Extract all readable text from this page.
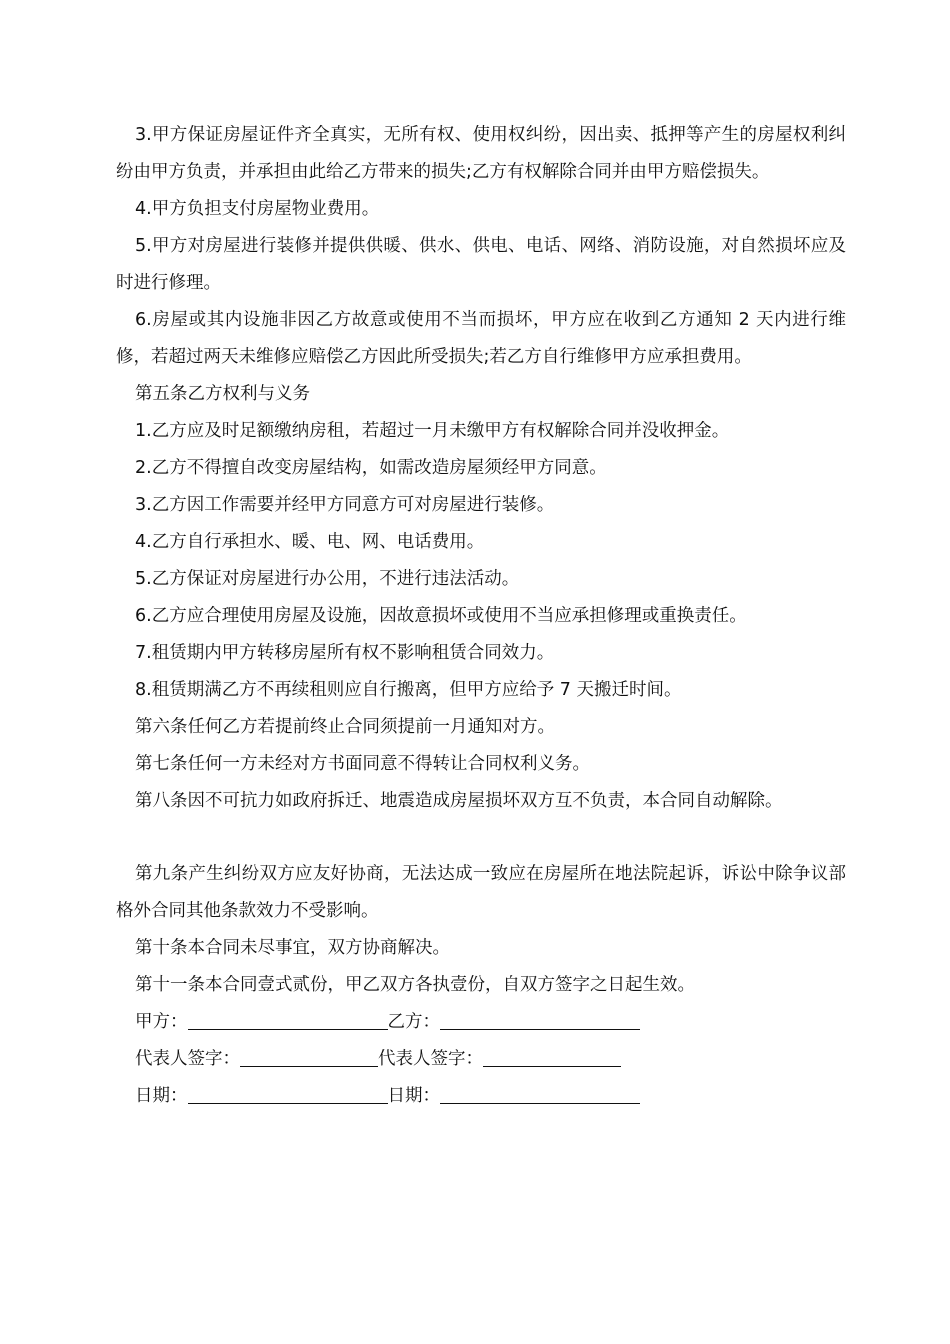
3.甲方保证房屋证件齐全真实，无所有权、使用权纠纷，因出卖、抵押等产生的房屋权利纠纷由甲方负责，并承担由此给乙方带来的损失;乙方有权解除合同并由甲方赔偿损失。

4.甲方负担支付房屋物业费用。

5.甲方对房屋进行装修并提供供暖、供水、供电、电话、网络、消防设施，对自然损坏应及时进行修理。

6.房屋或其内设施非因乙方故意或使用不当而损坏，甲方应在收到乙方通知 2 天内进行维修，若超过两天未维修应赔偿乙方因此所受损失;若乙方自行维修甲方应承担费用。

第五条乙方权利与义务

1.乙方应及时足额缴纳房租，若超过一月未缴甲方有权解除合同并没收押金。

2.乙方不得擅自改变房屋结构，如需改造房屋须经甲方同意。

3.乙方因工作需要并经甲方同意方可对房屋进行装修。

4.乙方自行承担水、暖、电、网、电话费用。

5.乙方保证对房屋进行办公用，不进行违法活动。

6.乙方应合理使用房屋及设施，因故意损坏或使用不当应承担修理或重换责任。

7.租赁期内甲方转移房屋所有权不影响租赁合同效力。

8.租赁期满乙方不再续租则应自行搬离，但甲方应给予 7 天搬迁时间。

第六条任何乙方若提前终止合同须提前一月通知对方。

第七条任何一方未经对方书面同意不得转让合同权利义务。

第八条因不可抗力如政府拆迁、地震造成房屋损坏双方互不负责，本合同自动解除。

第九条产生纠纷双方应友好协商，无法达成一致应在房屋所在地法院起诉，诉讼中除争议部格外合同其他条款效力不受影响。

第十条本合同未尽事宜，双方协商解决。

第十一条本合同壹式贰份，甲乙双方各执壹份，自双方签字之日起生效。

甲方：	乙方：
代表人签字：	代表人签字：
日期：	日期：
